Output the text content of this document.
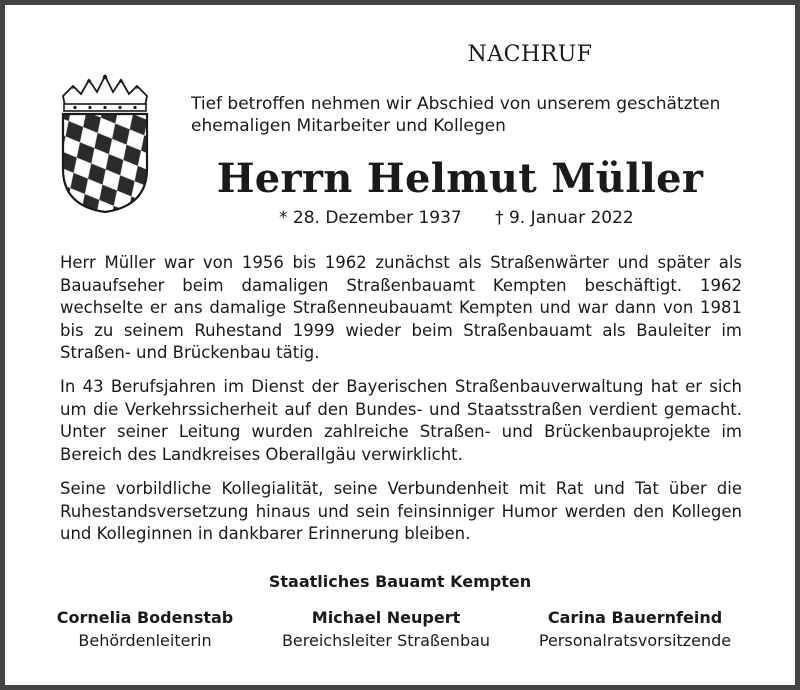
NACHRUF
Tief betroffen nehmen wir Abschied von unserem geschätzten ehemaligen Mitarbeiter und Kollegen
Herrn Helmut Müller
* 28. Dezember 1937 † 9. Januar 2022
Herr Müller war von 1956 bis 1962 zunächst als Straßenwärter und später als Bauaufseher beim damaligen Straßenbauamt Kempten beschäftigt. 1962 wechselte er ans damalige Straßenneubauamt Kempten und war dann von 1981 bis zu seinem Ruhestand 1999 wieder beim Straßenbauamt als Bauleiter im Straßen- und Brückenbau tätig.
In 43 Berufsjahren im Dienst der Bayerischen Straßenbauverwaltung hat er sich um die Verkehrssicherheit auf den Bundes- und Staatsstraßen verdient gemacht. Unter seiner Leitung wurden zahlreiche Straßen- und Brückenbauprojekte im Bereich des Landkreises Oberallgäu verwirklicht.
Seine vorbildliche Kollegialität, seine Verbundenheit mit Rat und Tat über die Ruhestandsversetzung hinaus und sein feinsinniger Humor werden den Kollegen und Kolleginnen in dankbarer Erinnerung bleiben.
Staatliches Bauamt Kempten
Cornelia Bodenstab
Behördenleiterin
Michael Neupert
Bereichsleiter Straßenbau
Carina Bauernfeind
Personalratsvorsitzende
